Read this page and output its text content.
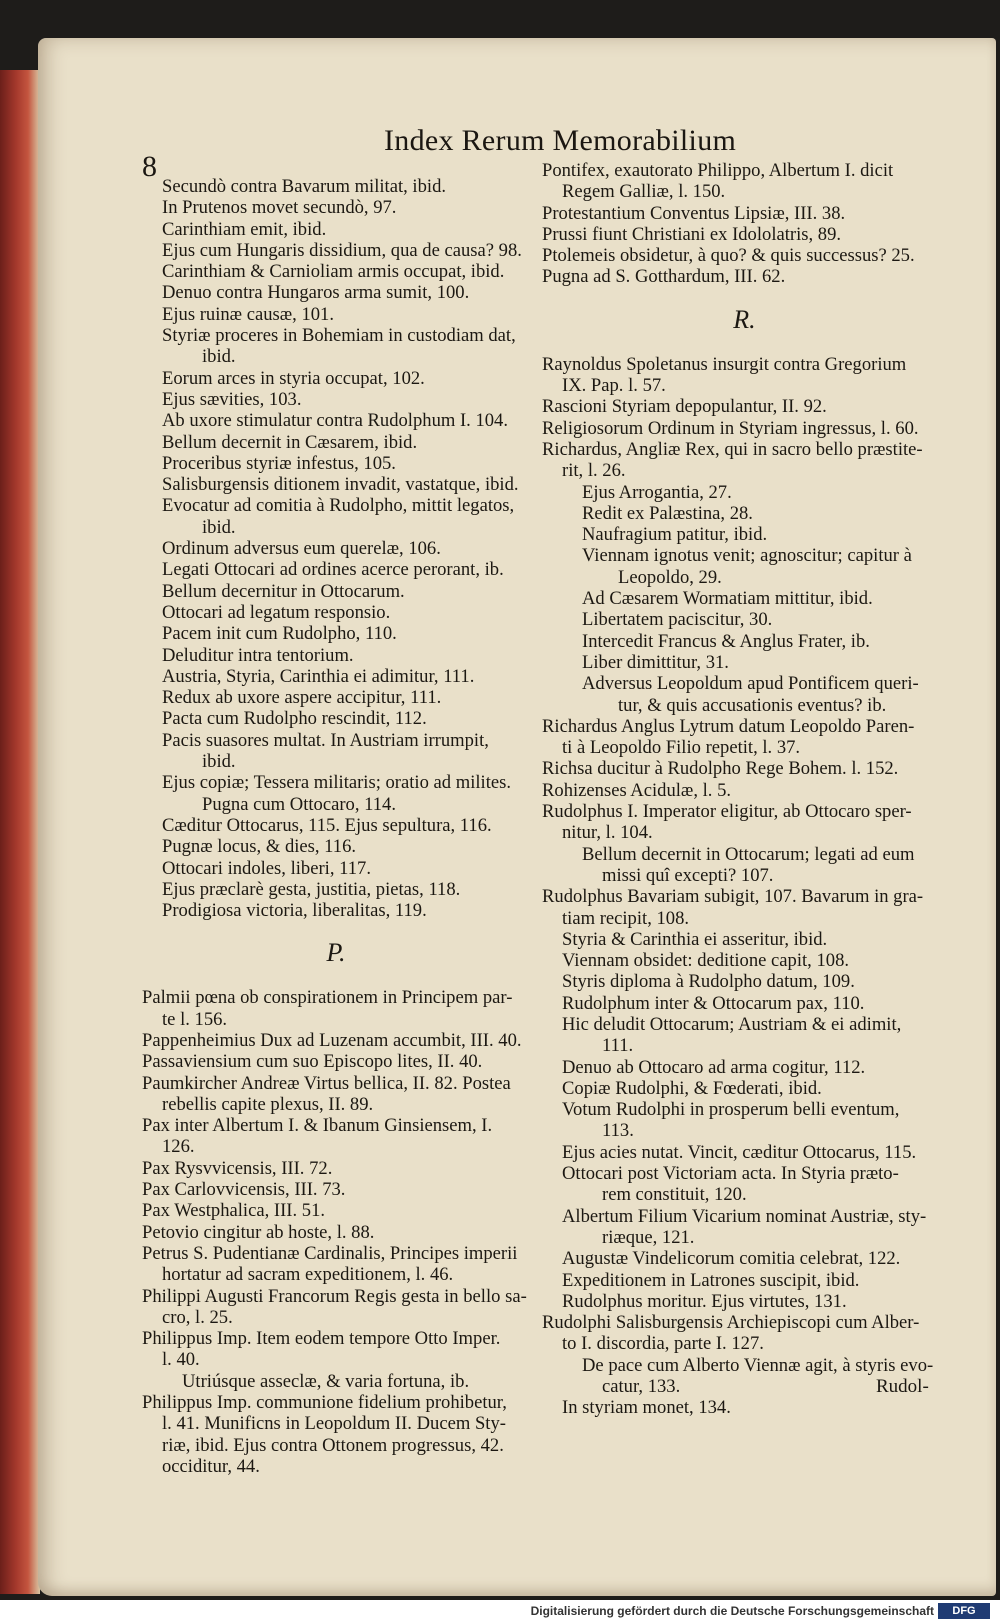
8
Index Rerum Memorabilium
Secundò contra Bavarum militat, ibid.
In Prutenos movet secundò, 97.
Carinthiam emit, ibid.
Ejus cum Hungaris dissidium, qua de causa? 98.
Carinthiam & Carnioliam armis occupat, ibid.
Denuo contra Hungaros arma sumit, 100.
Ejus ruinæ causæ, 101.
Styriæ proceres in Bohemiam in custodiam dat,
ibid.
Eorum arces in styria occupat, 102.
Ejus sævities, 103.
Ab uxore stimulatur contra Rudolphum I. 104.
Bellum decernit in Cæsarem, ibid.
Proceribus styriæ infestus, 105.
Salisburgensis ditionem invadit, vastatque, ibid.
Evocatur ad comitia à Rudolpho, mittit legatos,
ibid.
Ordinum adversus eum querelæ, 106.
Legati Ottocari ad ordines acerce perorant, ib.
Bellum decernitur in Ottocarum.
Ottocari ad legatum responsio.
Pacem init cum Rudolpho, 110.
Deluditur intra tentorium.
Austria, Styria, Carinthia ei adimitur, 111.
Redux ab uxore aspere accipitur, 111.
Pacta cum Rudolpho rescindit, 112.
Pacis suasores multat. In Austriam irrumpit,
ibid.
Ejus copiæ; Tessera militaris; oratio ad milites.
Pugna cum Ottocaro, 114.
Cæditur Ottocarus, 115. Ejus sepultura, 116.
Pugnæ locus, & dies, 116.
Ottocari indoles, liberi, 117.
Ejus præclarè gesta, justitia, pietas, 118.
Prodigiosa victoria, liberalitas, 119.
P.
Palmii pœna ob conspirationem in Principem par-
te l. 156.
Pappenheimius Dux ad Luzenam accumbit, III. 40.
Passaviensium cum suo Episcopo lites, II. 40.
Paumkircher Andreæ Virtus bellica, II. 82. Postea
rebellis capite plexus, II. 89.
Pax inter Albertum I. & Ibanum Ginsiensem, I.
126.
Pax Rysvvicensis, III. 72.
Pax Carlovvicensis, III. 73.
Pax Westphalica, III. 51.
Petovio cingitur ab hoste, l. 88.
Petrus S. Pudentianæ Cardinalis, Principes imperii
hortatur ad sacram expeditionem, l. 46.
Philippi Augusti Francorum Regis gesta in bello sa-
cro, l. 25.
Philippus Imp. Item eodem tempore Otto Imper.
l. 40.
Utriúsque asseclæ, & varia fortuna, ib.
Philippus Imp. communione fidelium prohibetur,
l. 41. Munificns in Leopoldum II. Ducem Sty-
riæ, ibid. Ejus contra Ottonem progressus, 42.
occiditur, 44.
Pontifex, exautorato Philippo, Albertum I. dicit
Regem Galliæ, l. 150.
Protestantium Conventus Lipsiæ, III. 38.
Prussi fiunt Christiani ex Idololatris, 89.
Ptolemeis obsidetur, à quo? & quis successus? 25.
Pugna ad S. Gotthardum, III. 62.
R.
Raynoldus Spoletanus insurgit contra Gregorium
IX. Pap. l. 57.
Rascioni Styriam depopulantur, II. 92.
Religiosorum Ordinum in Styriam ingressus, l. 60.
Richardus, Angliæ Rex, qui in sacro bello præstite-
rit, l. 26.
Ejus Arrogantia, 27.
Redit ex Palæstina, 28.
Naufragium patitur, ibid.
Viennam ignotus venit; agnoscitur; capitur à
Leopoldo, 29.
Ad Cæsarem Wormatiam mittitur, ibid.
Libertatem paciscitur, 30.
Intercedit Francus & Anglus Frater, ib.
Liber dimittitur, 31.
Adversus Leopoldum apud Pontificem queri-
tur, & quis accusationis eventus? ib.
Richardus Anglus Lytrum datum Leopoldo Paren-
ti à Leopoldo Filio repetit, l. 37.
Richsa ducitur à Rudolpho Rege Bohem. l. 152.
Rohizenses Acidulæ, l. 5.
Rudolphus I. Imperator eligitur, ab Ottocaro sper-
nitur, l. 104.
Bellum decernit in Ottocarum; legati ad eum
missi quî excepti? 107.
Rudolphus Bavariam subigit, 107. Bavarum in gra-
tiam recipit, 108.
Styria & Carinthia ei asseritur, ibid.
Viennam obsidet: deditione capit, 108.
Styris diploma à Rudolpho datum, 109.
Rudolphum inter & Ottocarum pax, 110.
Hic deludit Ottocarum; Austriam & ei adimit,
111.
Denuo ab Ottocaro ad arma cogitur, 112.
Copiæ Rudolphi, & Fœderati, ibid.
Votum Rudolphi in prosperum belli eventum,
113.
Ejus acies nutat. Vincit, cæditur Ottocarus, 115.
Ottocari post Victoriam acta. In Styria præto-
rem constituit, 120.
Albertum Filium Vicarium nominat Austriæ, sty-
riæque, 121.
Augustæ Vindelicorum comitia celebrat, 122.
Expeditionem in Latrones suscipit, ibid.
Rudolphus moritur. Ejus virtutes, 131.
Rudolphi Salisburgensis Archiepiscopi cum Alber-
to I. discordia, parte I. 127.
De pace cum Alberto Viennæ agit, à styris evo-
catur, 133.
In styriam monet, 134.
Rudol-
Digitalisierung gefördert durch die Deutsche Forschungsgemeinschaft	DFG
